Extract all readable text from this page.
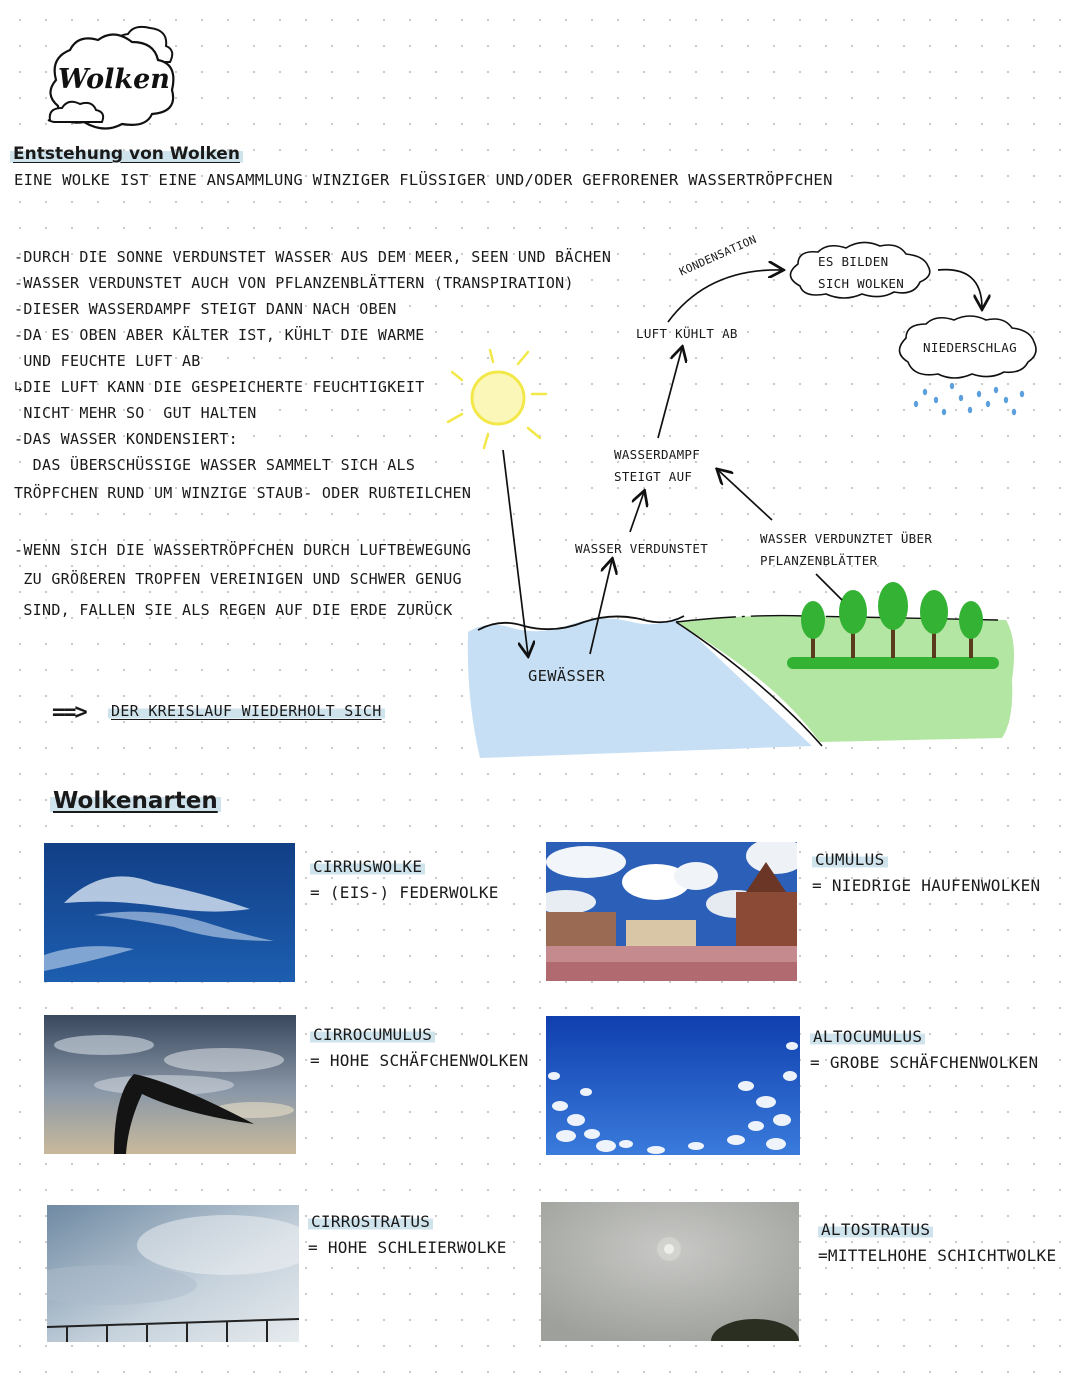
Wolken
Entstehung von Wolken
EINE WOLKE IST EINE ANSAMMLUNG WINZIGER FLÜSSIGER UND/ODER GEFRORENER WASSERTRÖPFCHEN
-DURCH DIE SONNE VERDUNSTET WASSER AUS DEM MEER, SEEN UND BÄCHEN
-WASSER VERDUNSTET AUCH VON PFLANZENBLÄTTERN (TRANSPIRATION)
-DIESER WASSERDAMPF STEIGT DANN NACH OBEN
-DA ES OBEN ABER KÄLTER IST, KÜHLT DIE WARME
UND FEUCHTE LUFT AB
↳DIE LUFT KANN DIE GESPEICHERTE FEUCHTIGKEIT
NICHT MEHR SO  GUT HALTEN
-DAS WASSER KONDENSIERT:
DAS ÜBERSCHÜSSIGE WASSER SAMMELT SICH ALS
TRÖPFCHEN RUND UM WINZIGE STAUB- ODER RUßTEILCHEN
-WENN SICH DIE WASSERTRÖPFCHEN DURCH LUFTBEWEGUNG
ZU GRÖßEREN TROPFEN VEREINIGEN UND SCHWER GENUG
SIND, FALLEN SIE ALS REGEN AUF DIE ERDE ZURÜCK
==> DER KREISLAUF WIEDERHOLT SICH
KONDENSATION	ES BILDEN
SICH WOLKEN
NIEDERSCHLAG
LUFT KÜHLT AB
WASSERDAMPF
STEIGT AUF
WASSER VERDUNSTET
WASSER VERDUNZTET ÜBER
PFLANZENBLÄTTER
GEWÄSSER
Wolkenarten
CIRRUSWOLKE
= (EIS-) FEDERWOLKE
CUMULUS
= NIEDRIGE HAUFENWOLKEN
CIRROCUMULUS
= HOHE SCHÄFCHENWOLKEN
ALTOCUMULUS
= GROBE SCHÄFCHENWOLKEN
CIRROSTRATUS
= HOHE SCHLEIERWOLKE
ALTOSTRATUS
=MITTELHOHE SCHICHTWOLKE
